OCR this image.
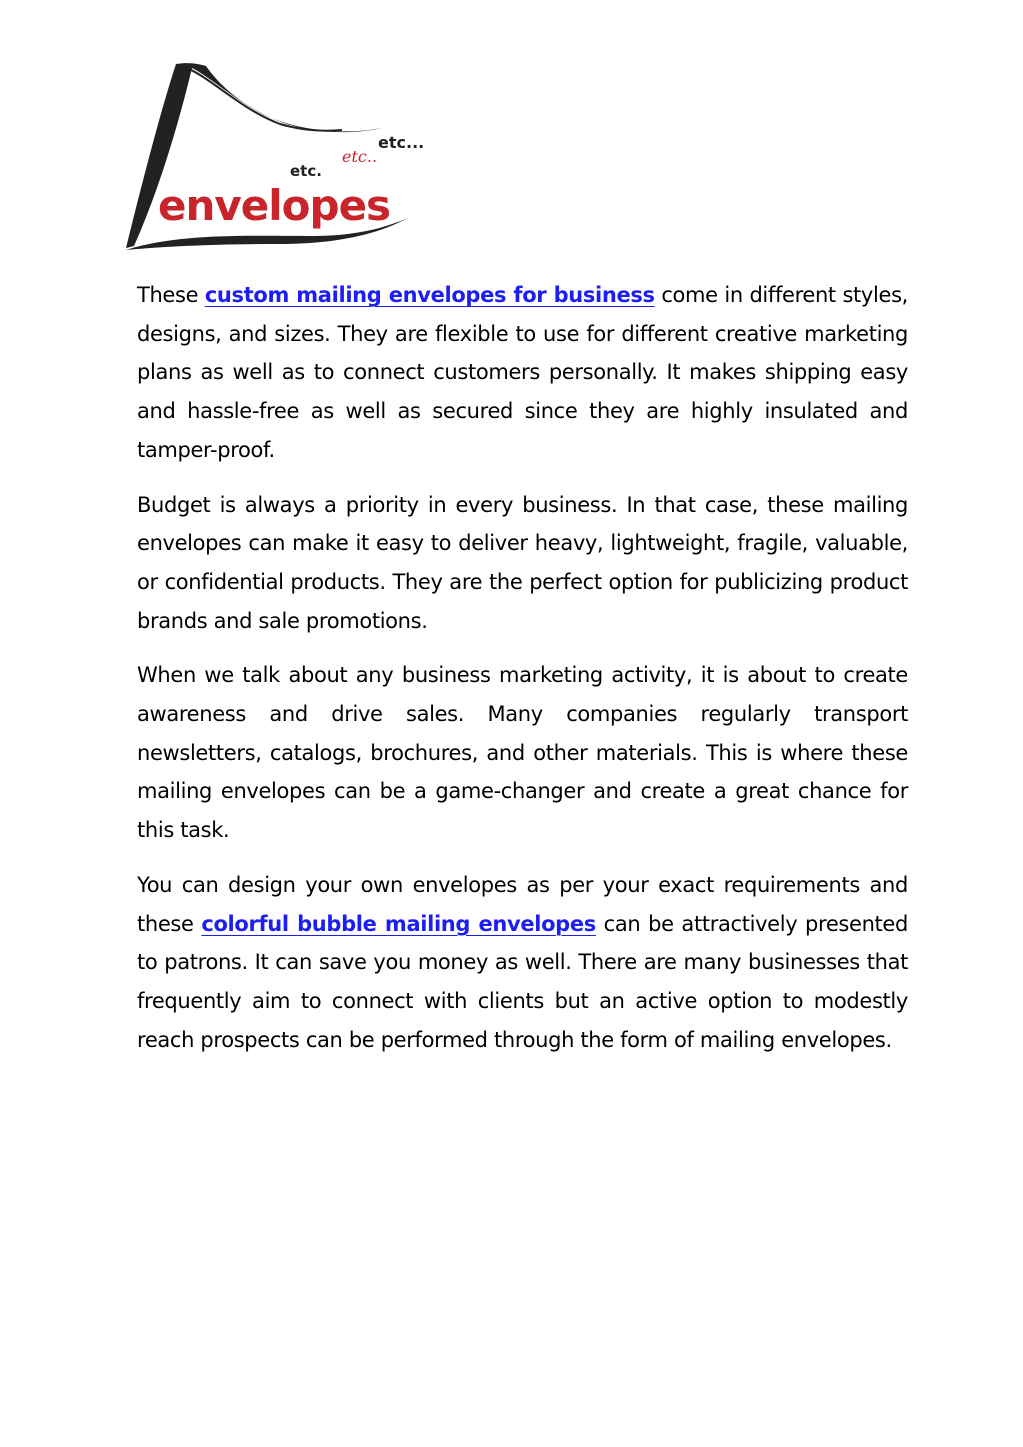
etc...
etc..
etc.
envelopes

These custom mailing envelopes for business come in different styles, designs, and sizes. They are flexible to use for different creative marketing plans as well as to connect customers personally. It makes shipping easy and hassle-free as well as secured since they are highly insulated and tamper-proof.

Budget is always a priority in every business. In that case, these mailing envelopes can make it easy to deliver heavy, lightweight, fragile, valuable, or confidential products. They are the perfect option for publicizing product brands and sale promotions.

When we talk about any business marketing activity, it is about to create awareness and drive sales. Many companies regularly transport newsletters, catalogs, brochures, and other materials. This is where these mailing envelopes can be a game-changer and create a great chance for this task.

You can design your own envelopes as per your exact requirements and these colorful bubble mailing envelopes can be attractively presented to patrons. It can save you money as well. There are many businesses that frequently aim to connect with clients but an active option to modestly reach prospects can be performed through the form of mailing envelopes.
